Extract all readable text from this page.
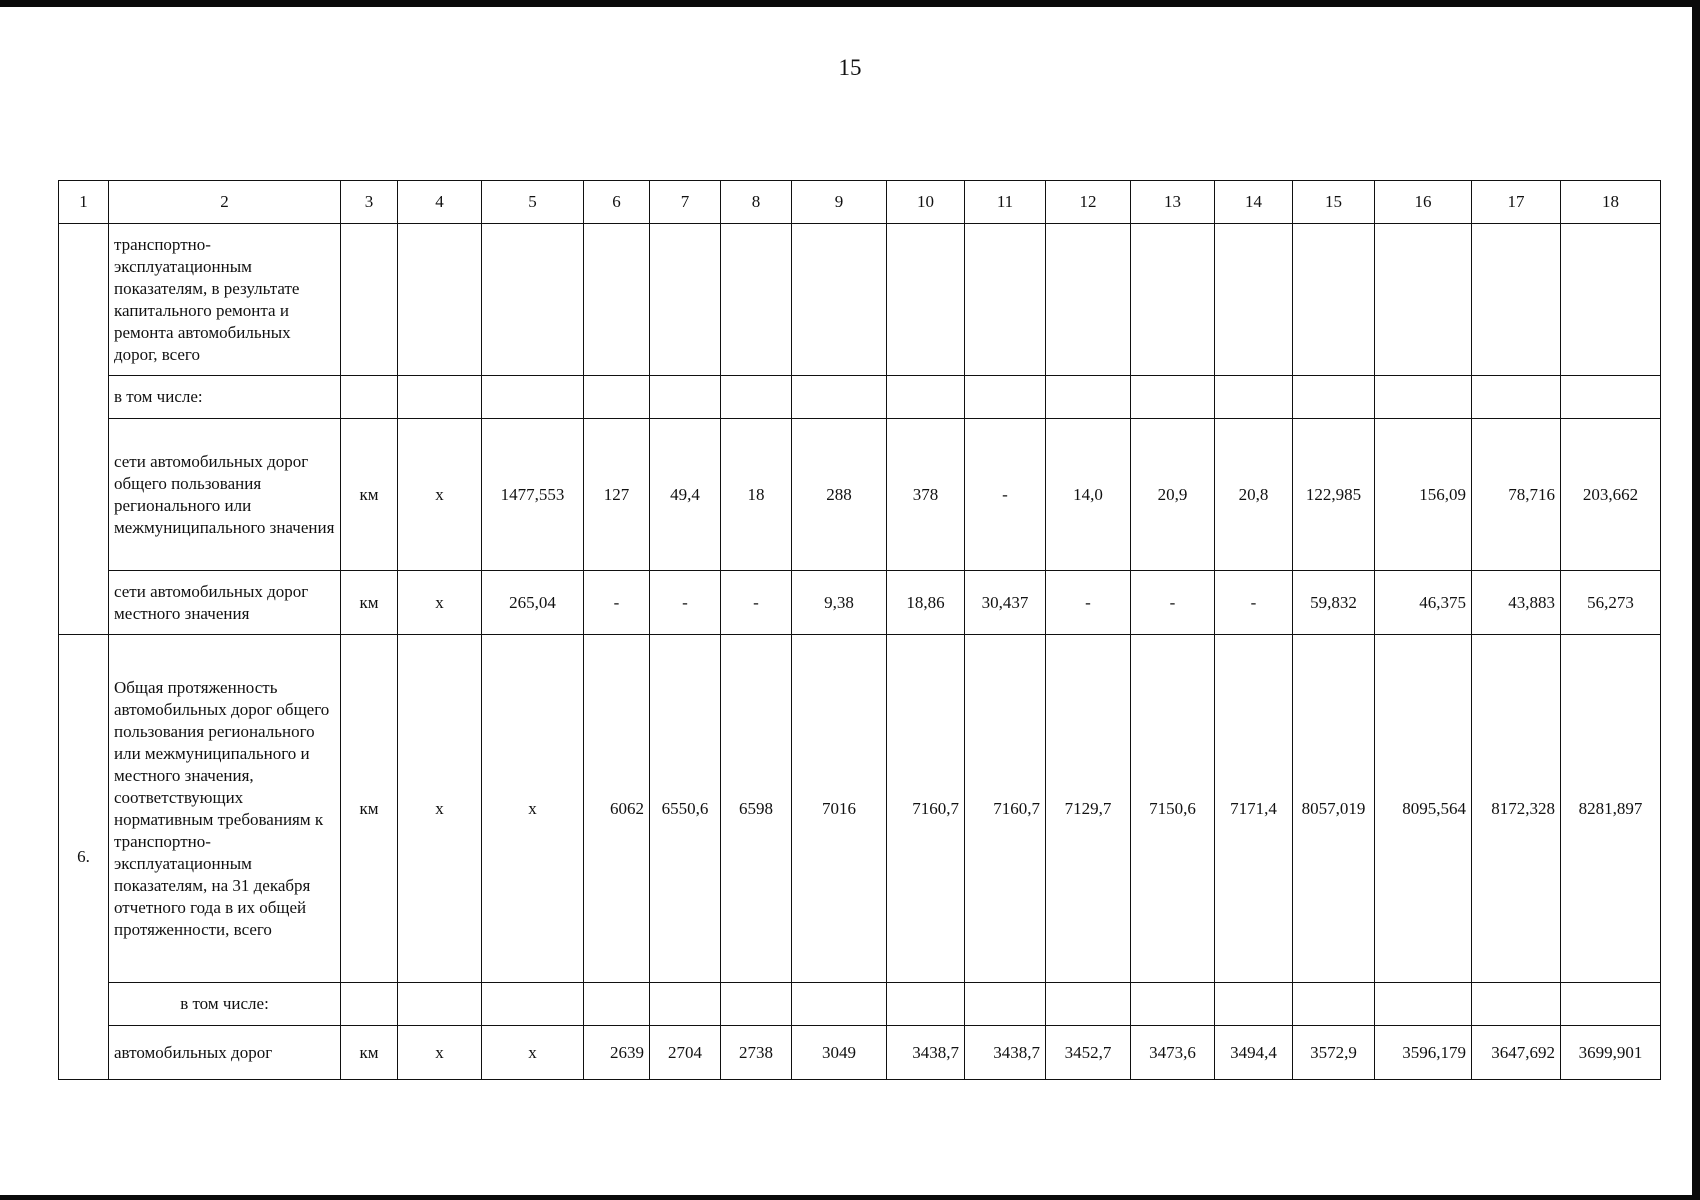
15
1	2	3	4	5	6	7	8	9	10	11	12	13	14	15	16	17	18
	транспортно-эксплуатационным показателям, в результате капитального ремонта и ремонта автомобильных дорог, всего																
	в том числе:																
	сети автомобильных дорог общего пользования регионального или межмуниципального значения	км	х	1477,553	127	49,4	18	288	378	-	14,0	20,9	20,8	122,985	156,09	78,716	203,662
	сети автомобильных дорог местного значения	км	х	265,04	-	-	-	9,38	18,86	30,437	-	-	-	59,832	46,375	43,883	56,273
6.	Общая протяженность автомобильных дорог общего пользования регионального или межмуниципального и местного значения, соответствующих нормативным требованиям к транспортно-эксплуатационным показателям, на 31 декабря отчетного года в их общей протяженности, всего	км	х	х	6062	6550,6	6598	7016	7160,7	7160,7	7129,7	7150,6	7171,4	8057,019	8095,564	8172,328	8281,897
	в том числе:																
	автомобильных дорог	км	х	х	2639	2704	2738	3049	3438,7	3438,7	3452,7	3473,6	3494,4	3572,9	3596,179	3647,692	3699,901
